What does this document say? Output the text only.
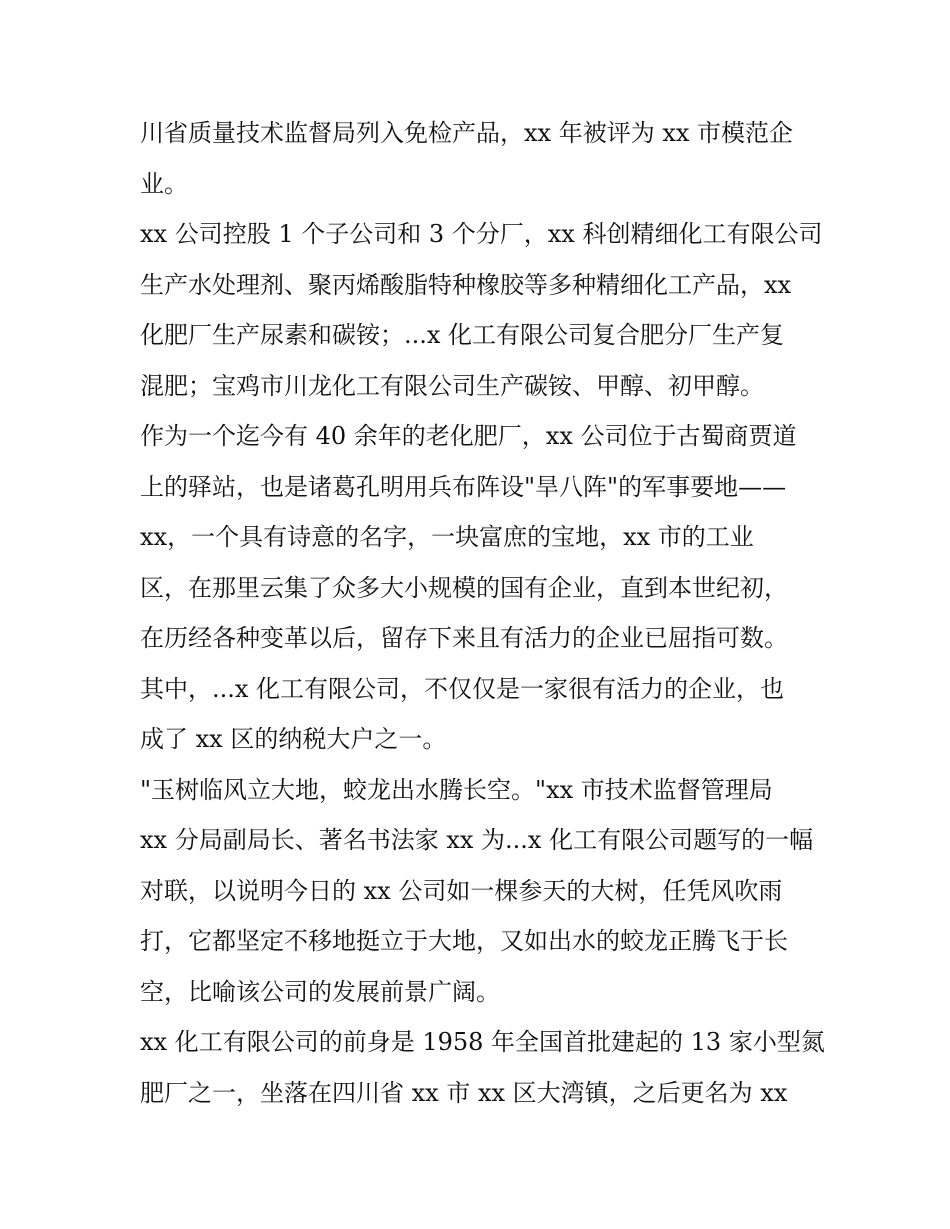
川省质量技术监督局列入免检产品，xx 年被评为 xx 市模范企
业。
xx 公司控股 1 个子公司和 3 个分厂，xx 科创精细化工有限公司
生产水处理剂、聚丙烯酸脂特种橡胶等多种精细化工产品，xx
化肥厂生产尿素和碳铵；...x 化工有限公司复合肥分厂生产复
混肥；宝鸡市川龙化工有限公司生产碳铵、甲醇、初甲醇。
作为一个迄今有 40 余年的老化肥厂，xx 公司位于古蜀商贾道
上的驿站，也是诸葛孔明用兵布阵设"旱八阵"的军事要地——
xx，一个具有诗意的名字，一块富庶的宝地，xx 市的工业
区，在那里云集了众多大小规模的国有企业，直到本世纪初，
在历经各种变革以后，留存下来且有活力的企业已屈指可数。
其中，...x 化工有限公司，不仅仅是一家很有活力的企业，也
成了 xx 区的纳税大户之一。
"玉树临风立大地，蛟龙出水腾长空。"xx 市技术监督管理局
xx 分局副局长、著名书法家 xx 为...x 化工有限公司题写的一幅
对联，以说明今日的 xx 公司如一棵参天的大树，任凭风吹雨
打，它都坚定不移地挺立于大地，又如出水的蛟龙正腾飞于长
空，比喻该公司的发展前景广阔。
xx 化工有限公司的前身是 1958 年全国首批建起的 13 家小型氮
肥厂之一，坐落在四川省 xx 市 xx 区大湾镇，之后更名为 xx
